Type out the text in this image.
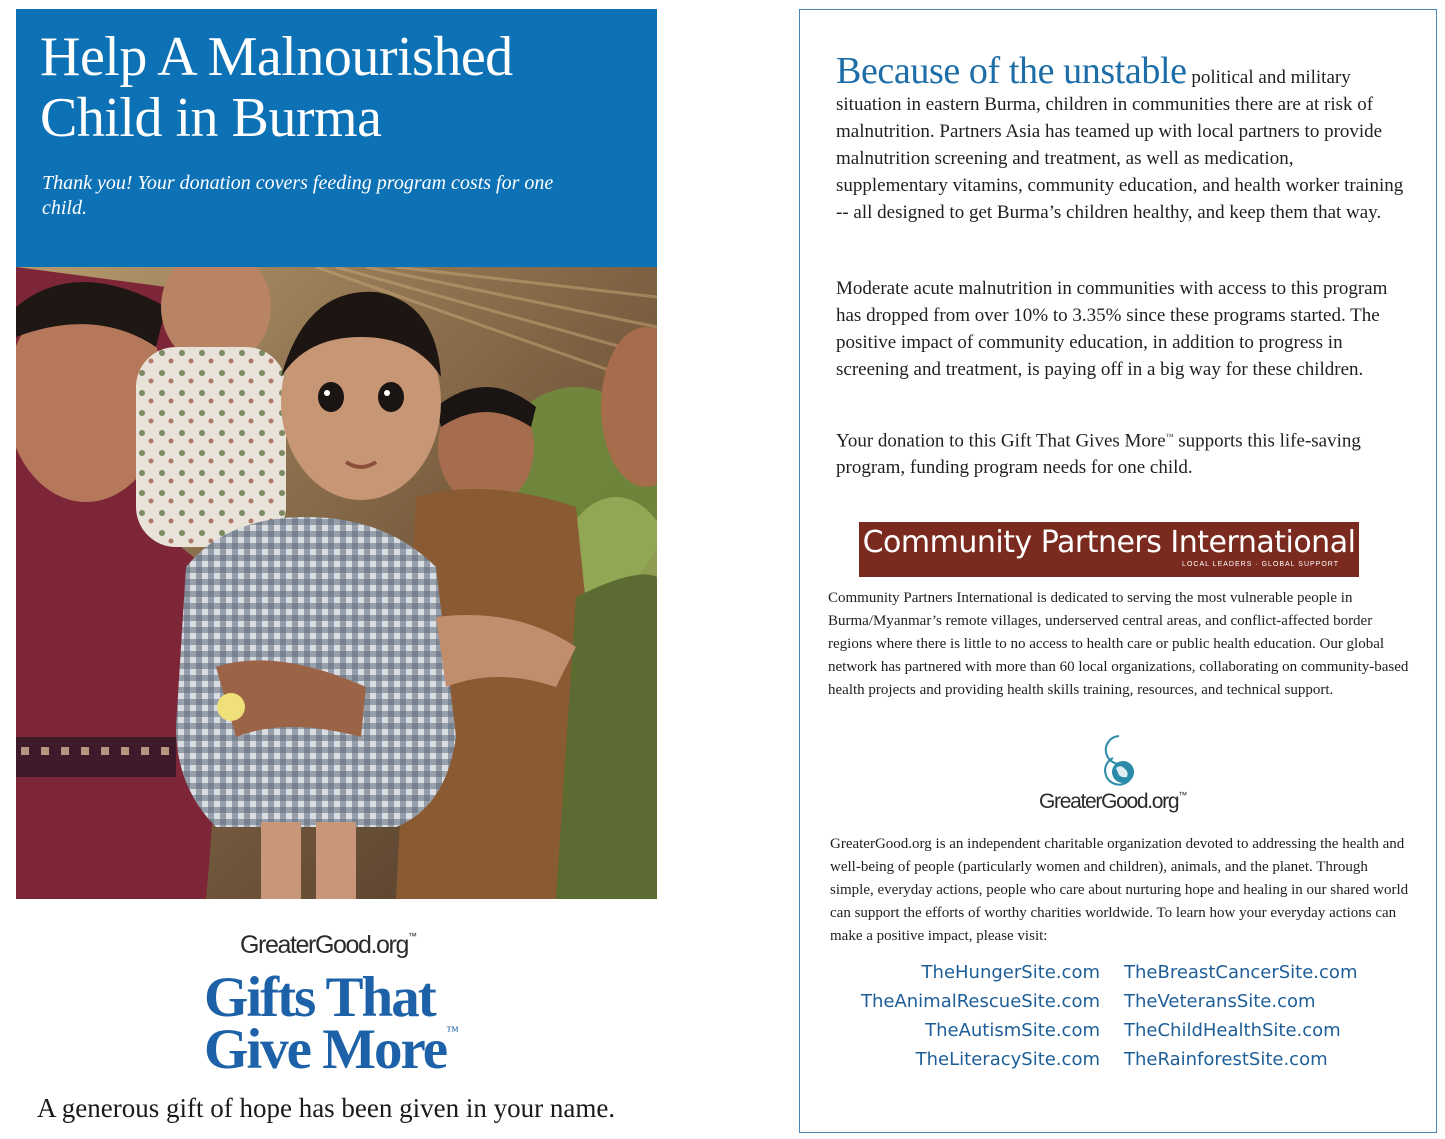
Help A Malnourished
Child in Burma

Thank you! Your donation covers feeding program costs for one child.

GreaterGood.org™
Gifts That
Give More™

A generous gift of hope has been given in your name.

Because of the unstable political and military situation in eastern Burma, children in communities there are at risk of malnutrition. Partners Asia has teamed up with local partners to provide malnutrition screening and treatment, as well as medication, supplementary vitamins, community education, and health worker training -- all designed to get Burma’s children healthy, and keep them that way.

Moderate acute malnutrition in communities with access to this program has dropped from over 10% to 3.35% since these programs started. The positive impact of community education, in addition to progress in screening and treatment, is paying off in a big way for these children.

Your donation to this Gift That Gives More™ supports this life-saving program, funding program needs for one child.

Community Partners International
LOCAL LEADERS · GLOBAL SUPPORT

Community Partners International is dedicated to serving the most vulnerable people in Burma/Myanmar’s remote villages, underserved central areas, and conflict-affected border regions where there is little to no access to health care or public health education. Our global network has partnered with more than 60 local organizations, collaborating on community-based health projects and providing health skills training, resources, and technical support.

GreaterGood.org™

GreaterGood.org is an independent charitable organization devoted to addressing the health and well-being of people (particularly women and children), animals, and the planet. Through simple, everyday actions, people who care about nurturing hope and healing in our shared world can support the efforts of worthy charities worldwide. To learn how your everyday actions can make a positive impact, please visit:

TheHungerSite.com
TheAnimalRescueSite.com
TheAutismSite.com
TheLiteracySite.com
TheBreastCancerSite.com
TheVeteransSite.com
TheChildHealthSite.com
TheRainforestSite.com
